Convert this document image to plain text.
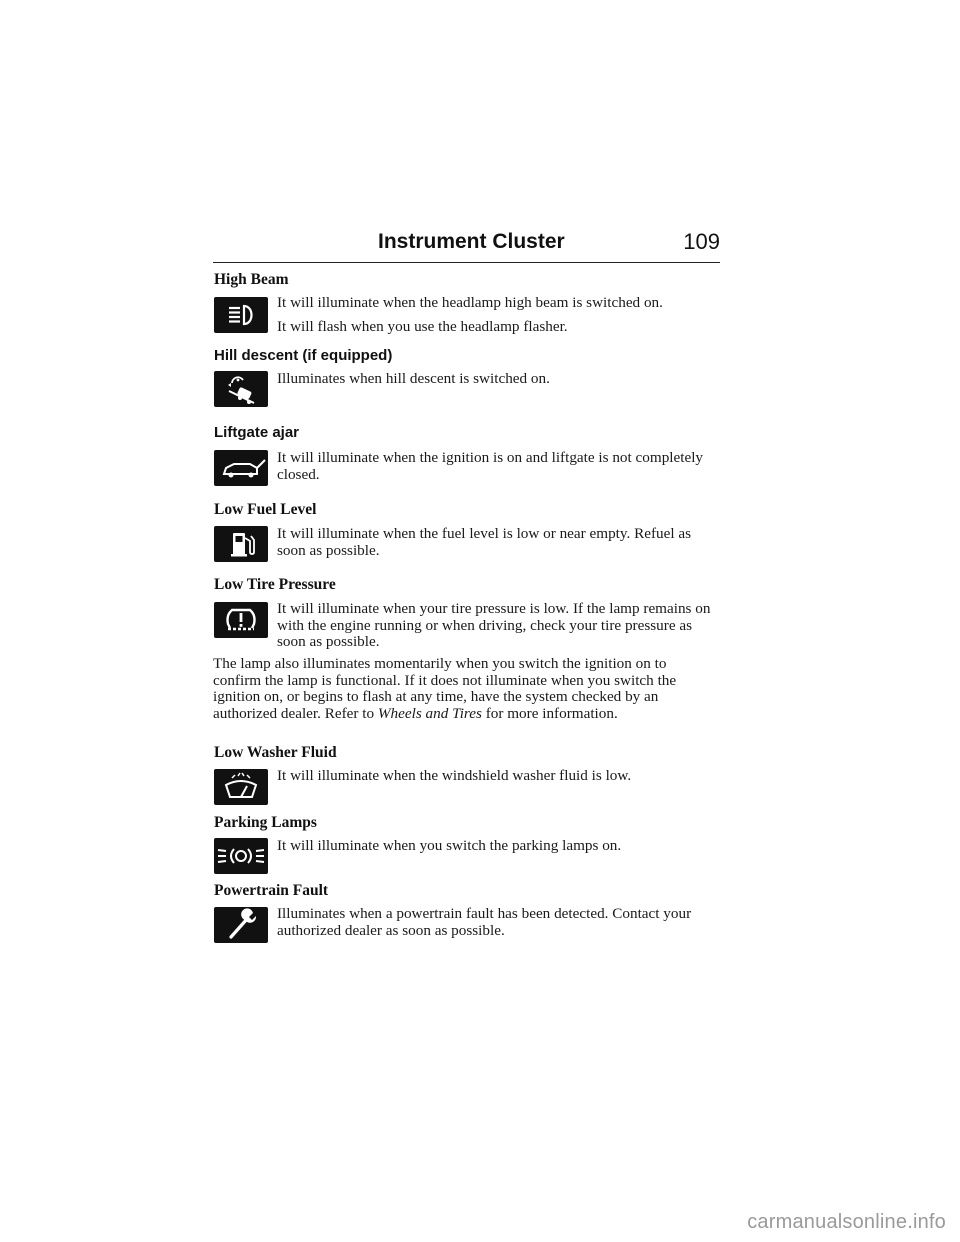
Instrument Cluster	109
High Beam

It will illuminate when the headlamp high beam is switched on.

It will flash when you use the headlamp flasher.

Hill descent (if equipped)

Illuminates when hill descent is switched on.

Liftgate ajar

It will illuminate when the ignition is on and liftgate is not completely closed.

Low Fuel Level

It will illuminate when the fuel level is low or near empty. Refuel as soon as possible.

Low Tire Pressure

It will illuminate when your tire pressure is low. If the lamp remains on with the engine running or when driving, check your tire pressure as soon as possible.

The lamp also illuminates momentarily when you switch the ignition on to confirm the lamp is functional. If it does not illuminate when you switch the ignition on, or begins to flash at any time, have the system checked by an authorized dealer. Refer to Wheels and Tires for more information.
Low Washer Fluid

It will illuminate when the windshield washer fluid is low.

Parking Lamps

It will illuminate when you switch the parking lamps on.

Powertrain Fault

Illuminates when a powertrain fault has been detected. Contact your authorized dealer as soon as possible.

carmanualsonline.info
